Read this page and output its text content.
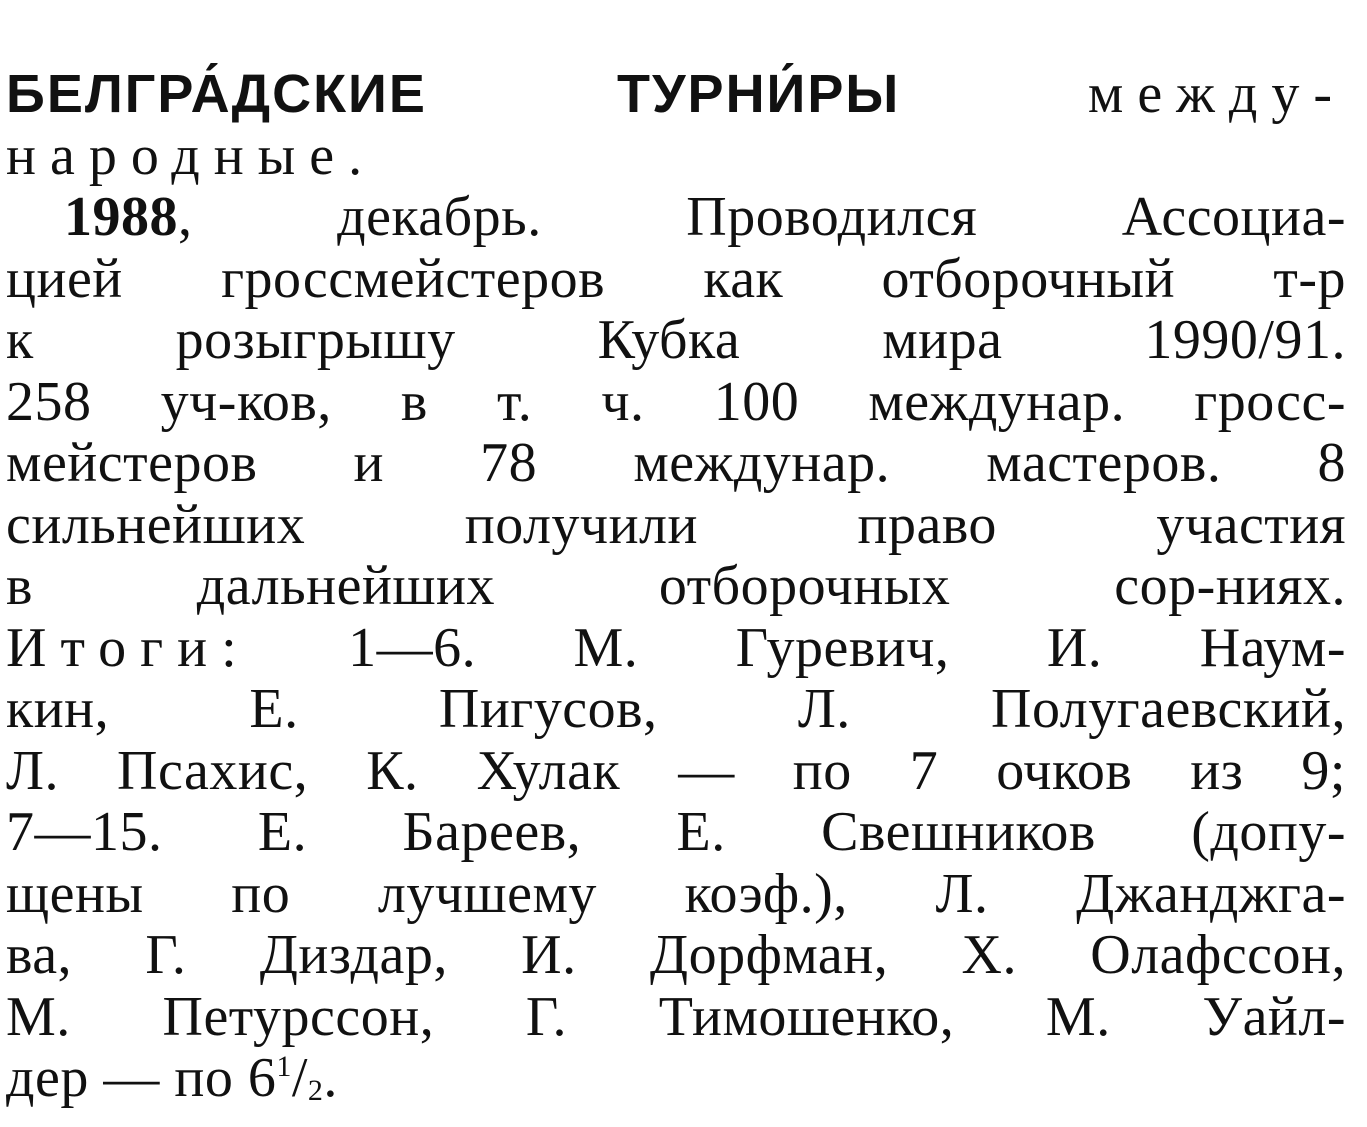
БЕЛГРА́ДСКИЕ ТУРНИ́РЫ	междy-
народные.
1988, декабрь. Проводился Ассоциа-
цией гроссмейстеров как отборочный т-р
к розыгрышу Кубка мира 1990/91.
258 уч-ков, в т. ч. 100 междунар. гросс-
мейстеров и 78 междунар. мастеров. 8
сильнейших получили право участия
в дальнейших отборочных сор-ниях.
Итоги: 1—6. М. Гуревич, И. Наум-
кин, Е. Пигусов, Л. Полугаевский,
Л. Псахис, К. Хулак — по 7 очков из 9;
7—15. Е. Бареев, Е. Свешников (допу-
щены по лучшему коэф.), Л. Джанджга-
ва, Г. Диздар, И. Дорфман, Х. Олафссон,
М. Петурссон, Г. Тимошенко, М. Уайл-
дер — по $6^1/_2$.
